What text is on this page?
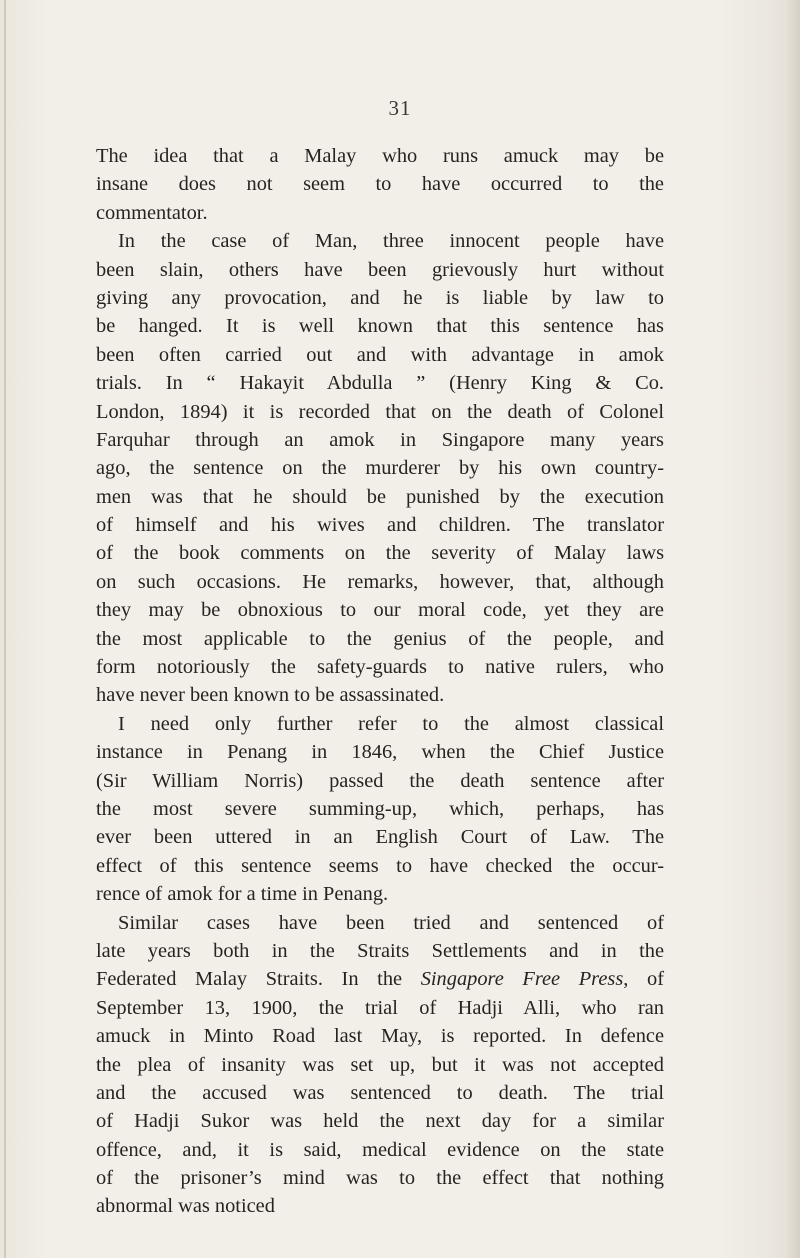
31
The idea that a Malay who runs amuck may be
insane does not seem to have occurred to the
commentator.
In the case of Man, three innocent people have
been slain, others have been grievously hurt without
giving any provocation, and he is liable by law to
be hanged. It is well known that this sentence has
been often carried out and with advantage in amok
trials. In “ Hakayit Abdulla ” (Henry King & Co.
London, 1894) it is recorded that on the death of Colonel
Farquhar through an amok in Singapore many years
ago, the sentence on the murderer by his own country-
men was that he should be punished by the execution
of himself and his wives and children. The translator
of the book comments on the severity of Malay laws
on such occasions. He remarks, however, that, although
they may be obnoxious to our moral code, yet they are
the most applicable to the genius of the people, and
form notoriously the safety-guards to native rulers, who
have never been known to be assassinated.
I need only further refer to the almost classical
instance in Penang in 1846, when the Chief Justice
(Sir William Norris) passed the death sentence after
the most severe summing-up, which, perhaps, has
ever been uttered in an English Court of Law. The
effect of this sentence seems to have checked the occur-
rence of amok for a time in Penang.
Similar cases have been tried and sentenced of
late years both in the Straits Settlements and in the
Federated Malay Straits. In the Singapore Free Press, of
September 13, 1900, the trial of Hadji Alli, who ran
amuck in Minto Road last May, is reported. In defence
the plea of insanity was set up, but it was not accepted
and the accused was sentenced to death. The trial
of Hadji Sukor was held the next day for a similar
offence, and, it is said, medical evidence on the state
of the prisoner’s mind was to the effect that nothing
abnormal was noticed
